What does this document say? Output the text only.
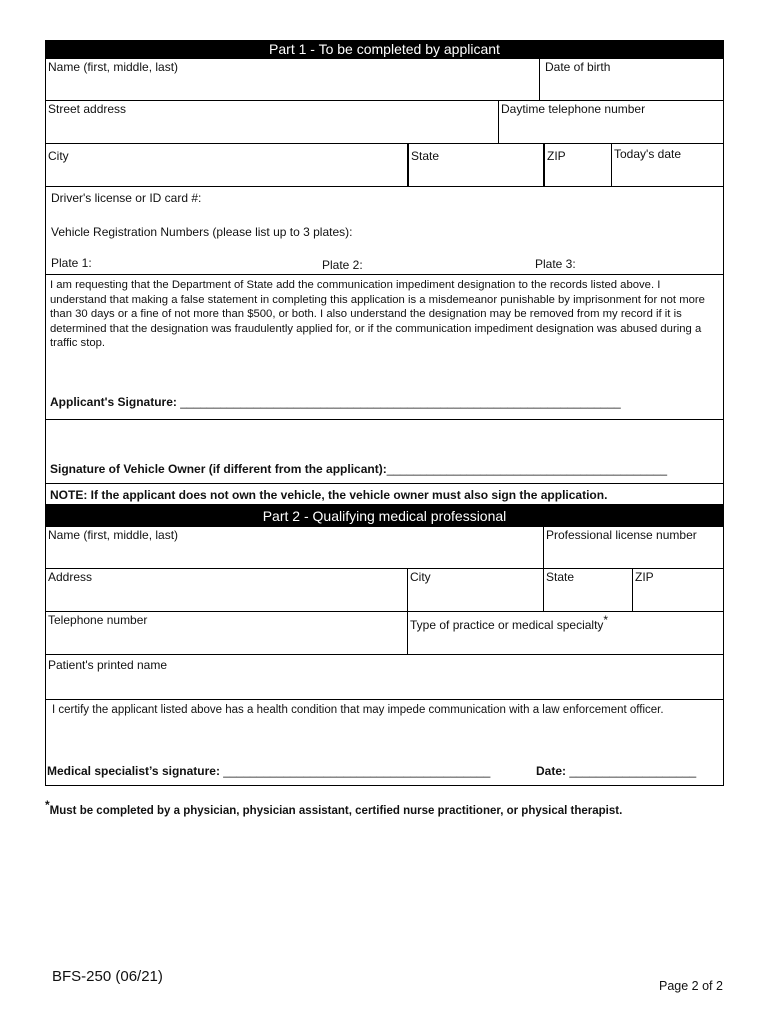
Part 1 - To be completed by applicant
Name (first, middle, last)	Date of birth
Street address	Daytime telephone number
City	State	ZIP	Today's date
Driver's license or ID card #:
Vehicle Registration Numbers (please list up to 3 plates):
Plate 1:	Plate 2:	Plate 3:
I am requesting that the Department of State add the communication impediment designation to the records listed above. I understand that making a false statement in completing this application is a misdemeanor punishable by imprisonment for not more than 30 days or a fine of not more than $500, or both. I also understand the designation may be removed from my record if it is determined that the designation was fraudulently applied for, or if the communication impediment designation was abused during a traffic stop.
Applicant's Signature: __________________________________________________________________
Signature of Vehicle Owner (if different from the applicant):__________________________________________
NOTE: If the applicant does not own the vehicle, the vehicle owner must also sign the application.
Part 2 - Qualifying medical professional
Name (first, middle, last)	Professional license number
Address	City	State	ZIP
Telephone number	Type of practice or medical specialty*
Patient's printed name
I certify the applicant listed above has a health condition that may impede communication with a law enforcement officer.
Medical specialist’s signature: ________________________________________	Date: ___________________
*Must be completed by a physician, physician assistant, certified nurse practitioner, or physical therapist.
BFS-250 (06/21)
Page 2 of 2
